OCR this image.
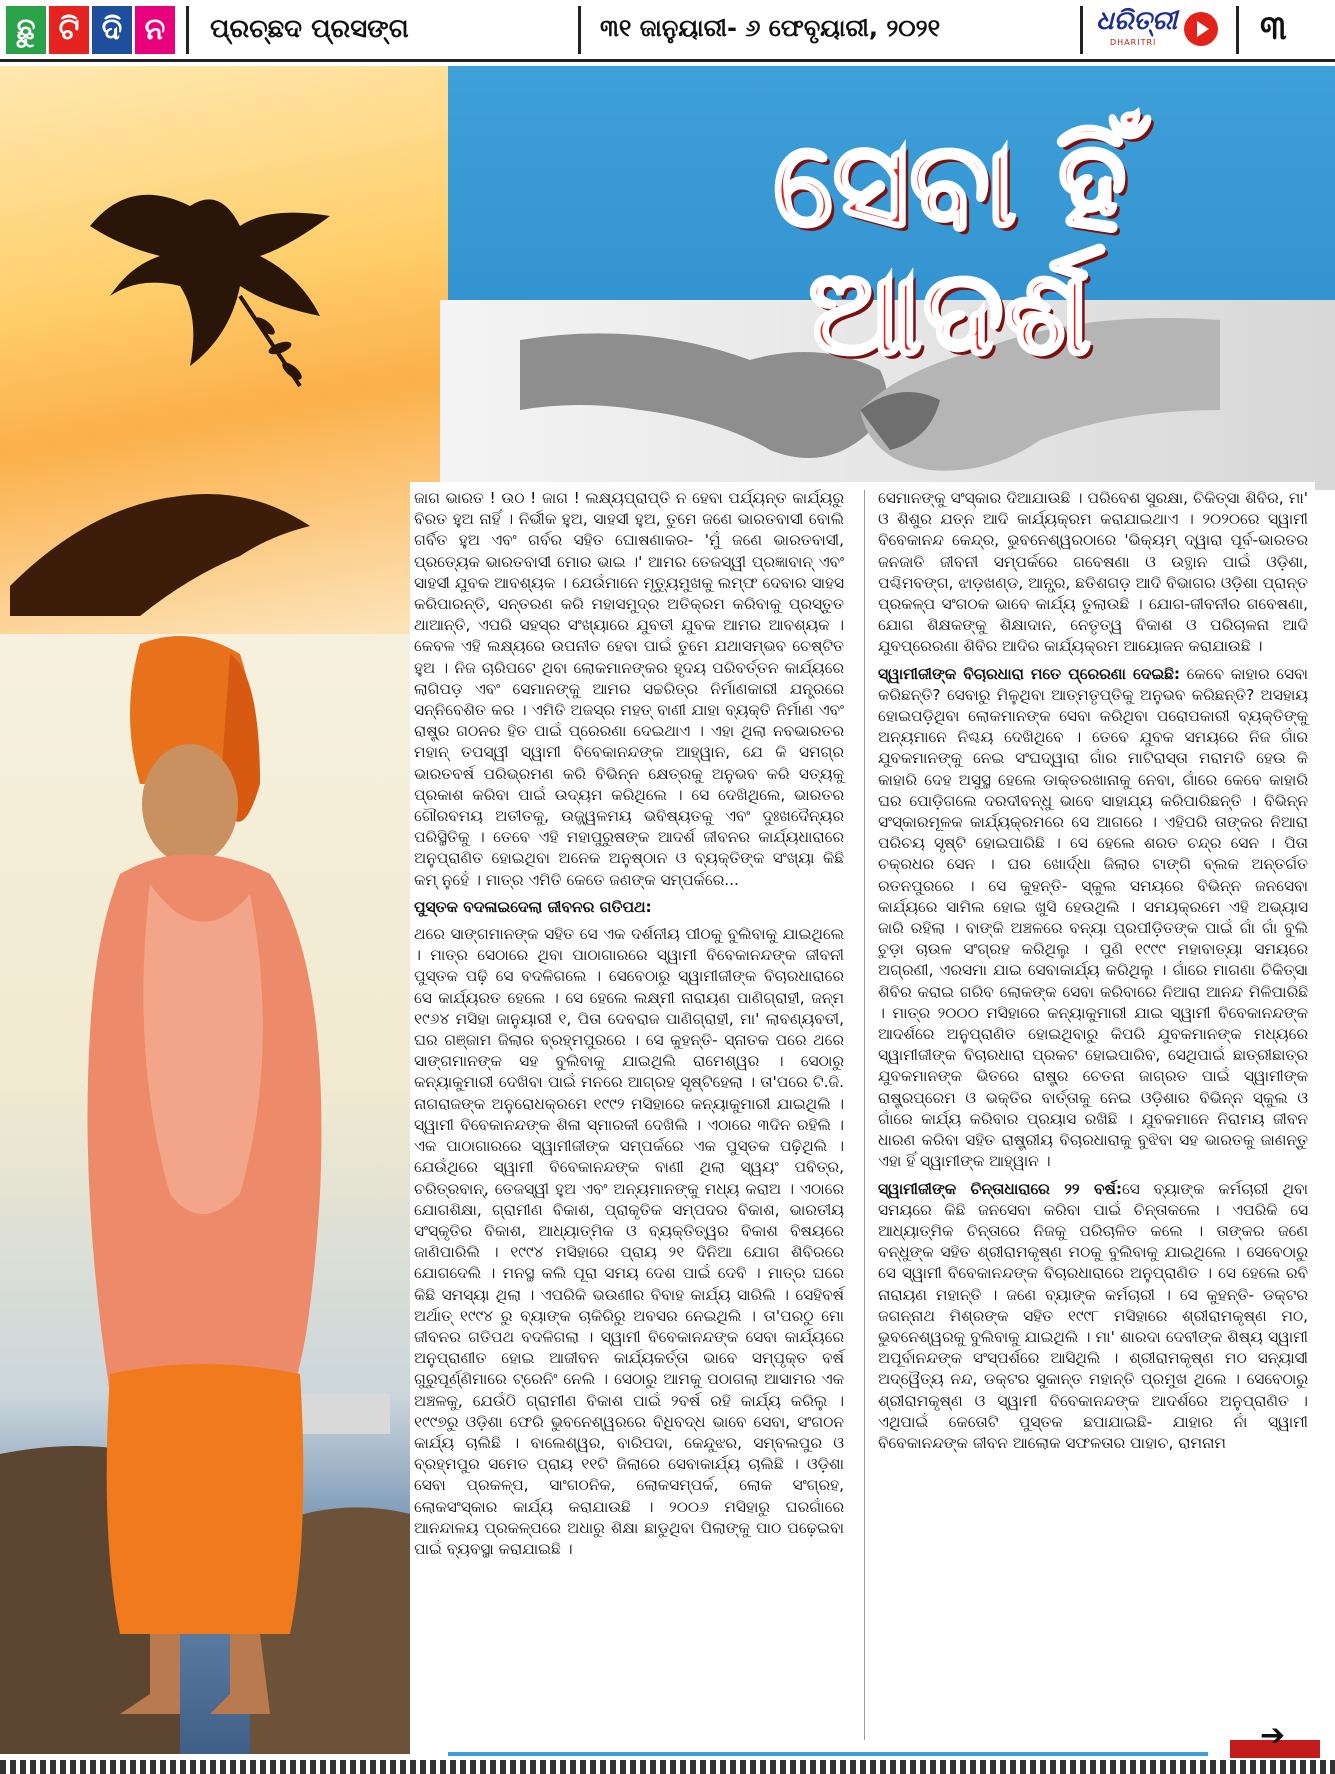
ଛୁ ଟି ଦି ନ	ପ୍ରଚ୍ଛଦ ପ୍ରସଙ୍ଗ	୩୧ ଜାନୁୟାରୀ- ୬ ଫେବୃୟାରୀ, ୨୦୨୧	ଧରିତ୍ରୀ
DHARITRI	୩
ସେବା ହିଁ
ଆଦର୍ଶ

ଜାଗ ଭାରତ ! ଉଠ ! ଜାଗ ! ଲକ୍ଷ୍ୟପ୍ରାପ୍ତି ନ ହେବା ପର୍ଯ୍ୟନ୍ତ କାର୍ଯ୍ୟରୁ ବିରତ ହୁଅ ନାହିଁ । ନିର୍ଭୀକ ହୁଅ, ସାହସୀ ହୁଅ, ତୁମେ ଜଣେ ଭାରତବାସୀ ବୋଲି ଗର୍ବିତ ହୁଅ ଏବଂ ଗର୍ବର ସହିତ ଘୋଷଣାକର- 'ମୁଁ ଜଣେ ଭାରତବାସୀ, ପ୍ରତ୍ୟେକ ଭାରତବାସୀ ମୋର ଭାଇ ।' ଆମର ତେଜସ୍ୱୀ ପ୍ରଜ୍ଞାବାନ୍ ଏବଂ ସାହସୀ ଯୁବକ ଆବଶ୍ୟକ । ଯେଉଁମାନେ ମୃତ୍ୟୁମୁଖକୁ ଲମ୍ଫ ଦେବାର ସାହସ କରିପାରନ୍ତି, ସନ୍ତରଣ କରି ମହାସମୁଦ୍ର ଅତିକ୍ରମ କରିବାକୁ ପ୍ରସ୍ତୁତ ଥାଆନ୍ତି, ଏପରି ସହସ୍ର ସଂଖ୍ୟାରେ ଯୁବତୀ ଯୁବକ ଆମର ଆବଶ୍ୟକ । କେବଳ ଏହି ଲକ୍ଷ୍ୟରେ ଉପନୀତ ହେବା ପାଇଁ ତୁମେ ଯଥାସମ୍ଭବ ଚେଷ୍ଟିତ ହୁଅ । ନିଜ ଚାରିପଟେ ଥିବା ଲୋକମାନଙ୍କର ହୃଦୟ ପରିବର୍ତ୍ତନ କାର୍ଯ୍ୟରେ ଲାଗିପଡ଼ ଏବଂ ସେମାନଙ୍କୁ ଆମର ସଚ୍ଚରିତ୍ର ନିର୍ମାଣକାରୀ ଯନ୍ତ୍ରରେ ସନ୍ନିବେଶିତ କର । ଏମିତି ଅଜସ୍ର ମହତ୍ ବାଣୀ ଯାହା ବ୍ୟକ୍ତି ନିର୍ମାଣ ଏବଂ ରାଷ୍ଟ୍ର ଗଠନର ହିତ ପାଇଁ ପ୍ରେରଣା ଦେଇଥାଏ । ଏହା ଥିଲା ନବଭାରତର ମହାନ୍ ତପସ୍ୱୀ ସ୍ୱାମୀ ବିବେକାନନ୍ଦଙ୍କ ଆହ୍ୱାନ, ଯେ କି ସମଗ୍ର ଭାରତବର୍ଷ ପରିଭ୍ରମଣ କରି ବିଭିନ୍ନ କ୍ଷେତ୍ରକୁ ଅନୁଭବ କରି ସତ୍ୟକୁ ପ୍ରକାଶ କରିବା ପାଇଁ ଉଦ୍ୟମ କରିଥିଲେ । ସେ ଦେଖିଥିଲେ, ଭାରତର ଗୌରବମୟ ଅତୀତକୁ, ଉଜ୍ଜ୍ୱଳମୟ ଭବିଷ୍ୟତକୁ ଏବଂ ଦୁଃଖଦୈନ୍ୟର ପରିସ୍ଥିତିକୁ । ତେବେ ଏହି ମହାପୁରୁଷଙ୍କ ଆଦର୍ଶ ଜୀବନର କାର୍ଯ୍ୟଧାରାରେ ଅନୁପ୍ରାଣିତ ହୋଇଥିବା ଅନେକ ଅନୁଷ୍ଠାନ ଓ ବ୍ୟକ୍ତିଙ୍କ ସଂଖ୍ୟା କିଛି କମ୍ ନୁହେଁ । ମାତ୍ର ଏମିତି କେତେ ଜଣଙ୍କ ସମ୍ପର୍କରେ...

ପୁସ୍ତକ ବଦଳାଇଦେଲା ଜୀବନର ଗତିପଥ:

ଥରେ ସାଙ୍ଗମାନଙ୍କ ସହିତ ସେ ଏକ ଦର୍ଶନୀୟ ପୀଠକୁ ବୁଲିବାକୁ ଯାଇଥିଲେ । ମାତ୍ର ସେଠାରେ ଥିବା ପାଠାଗାରରେ ସ୍ୱାମୀ ବିବେକାନନ୍ଦଙ୍କ ଜୀବନୀ ପୁସ୍ତକ ପଢ଼ି ସେ ବଦଳିଗଲେ । ସେବେଠାରୁ ସ୍ୱାମୀଜୀଙ୍କ ବିଚାରଧାରାରେ ସେ କାର୍ଯ୍ୟରତ ହେଲେ । ସେ ହେଲେ ଲକ୍ଷ୍ମୀ ନାରାୟଣ ପାଣିଗ୍ରାହୀ, ଜନ୍ମ ୧୯୬୪ ମସିହା ଜାନୁୟାରୀ ୧, ପିତା ଦେବରାଜ ପାଣିଗ୍ରାହୀ, ମା' ଲାବଣ୍ୟବତୀ, ଘର ଗଞ୍ଜାମ ଜିଲାର ବ୍ରହ୍ମପୁରରେ । ସେ କୁହନ୍ତି- ସ୍ନାତକ ପରେ ଥରେ ସାଙ୍ଗମାନଙ୍କ ସହ ବୁଲିବାକୁ ଯାଇଥିଲି ରାମେଶ୍ୱର । ସେଠାରୁ କନ୍ୟାକୁମାରୀ ଦେଖିବା ପାଇଁ ମନରେ ଆଗ୍ରହ ସୃଷ୍ଟିହେଲା । ତା'ପରେ ଟି.ଜି. ନାଗରାଜଙ୍କ ଅନୁରୋଧକ୍ରମେ ୧୯୯୨ ମସିହାରେ କନ୍ୟାକୁମାରୀ ଯାଇଥିଲି । ସ୍ୱାମୀ ବିବେକାନନ୍ଦଙ୍କ ଶିଳା ସ୍ମାରକୀ ଦେଖିଲି । ଏଠାରେ ୩ଦିନ ରହିଲି । ଏକ ପାଠାଗାରରେ ସ୍ୱାମୀଜୀଙ୍କ ସମ୍ପର୍କରେ ଏକ ପୁସ୍ତକ ପଢ଼ିଥିଲି । ଯେଉଁଥିରେ ସ୍ୱାମୀ ବିବେକାନନ୍ଦଙ୍କ ବାଣୀ ଥିଲା ସ୍ୱୟଂ ପବିତ୍ର, ଚରିତ୍ରବାନ୍, ତେଜସ୍ୱୀ ହୁଅ ଏବଂ ଅନ୍ୟମାନଙ୍କୁ ମଧ୍ୟ କରାଅ । ଏଠାରେ ଯୋଗଶିକ୍ଷା, ଗ୍ରାମୀଣ ବିକାଶ, ପ୍ରାକୃତିକ ସମ୍ପଦର ବିକାଶ, ଭାରତୀୟ ସଂସ୍କୃତିର ବିକାଶ, ଆଧ୍ୟାତ୍ମିକ ଓ ବ୍ୟକ୍ତିତ୍ୱର ବିକାଶ ବିଷୟରେ ଜାଣିପାରିଲି । ୧୯୯୪ ମସିହାରେ ପ୍ରାୟ ୨୧ ଦିନିଆ ଯୋଗ ଶିବିରରେ ଯୋଗଦେଲି । ମନସ୍ଥ କଲି ପୂରା ସମୟ ଦେଶ ପାଇଁ ଦେବି । ମାତ୍ର ଘରେ କିଛି ସମସ୍ୟା ଥିଲା । ଏପରିକି ଭଉଣୀର ବିବାହ କାର୍ଯ୍ୟ ସାରିଲି । ସେହିବର୍ଷ ଅର୍ଥାତ୍ ୧୯୯୪ ରୁ ବ୍ୟାଙ୍କ ଚାକିରିରୁ ଅବସର ନେଇଥିଲି । ତା'ପରଠୁ ମୋ ଜୀବନର ଗତିପଥ ବଦଳିଗଲା । ସ୍ୱାମୀ ବିବେକାନନ୍ଦଙ୍କ ସେବା କାର୍ଯ୍ୟରେ ଅନୁପ୍ରାଣୀତ ହୋଇ ଆଜୀବନ କାର୍ଯ୍ୟକର୍ତ୍ତା ଭାବେ ସମ୍ପୃକ୍ତ ବର୍ଷ ଗୁରୁପୂର୍ଣ୍ଣିମାରେ ଟ୍ରେନିଂ ନେଲି । ସେଠାରୁ ଆମକୁ ପଠାଗଲା ଆସାମର ଏକ ଅଞ୍ଚଳକୁ, ଯେଉଁଠି ଗ୍ରାମୀଣ ବିକାଶ ପାଇଁ ୨ବର୍ଷ ରହି କାର୍ଯ୍ୟ କରିଲୁ । ୧୯୯୭ରୁ ଓଡ଼ିଶା ଫେରି ଭୁବନେଶ୍ୱରରେ ବିଧିବଦ୍ଧ ଭାବେ ସେବା, ସଂଗଠନ କାର୍ଯ୍ୟ ଚାଲିଛି । ବାଲେଶ୍ୱର, ବାରିପଦା, କେନ୍ଦୁଝର, ସମ୍ବଲପୁର ଓ ବ୍ରହ୍ମପୁର ସମେତ ପ୍ରାୟ ୧୧ଟି ଜିଲାରେ ସେବାକାର୍ଯ୍ୟ ଚାଲିଛି । ଓଡ଼ିଶା ସେବା ପ୍ରକଳ୍ପ, ସାଂଗଠନିକ, ଲୋକସମ୍ପର୍କ, ଲୋକ ସଂଗ୍ରହ, ଲୋକସଂସ୍କାର କାର୍ଯ୍ୟ କରାଯାଉଛି । ୨୦୦୬ ମସିହାରୁ ଘରଗାଁରେ ଆନନ୍ଦାଳୟ ପ୍ରକଳ୍ପରେ ଅଧାରୁ ଶିକ୍ଷା ଛାଡୁଥିବା ପିଲାଙ୍କୁ ପାଠ ପଢ଼େଇବା ପାଇଁ ବ୍ୟବସ୍ଥା କରାଯାଇଛି ।

ସେମାନଙ୍କୁ ସଂସ୍କାର ଦିଆଯାଉଛି । ପରିବେଶ ସୁରକ୍ଷା, ଚିକିତ୍ସା ଶିବିର, ମା' ଓ ଶିଶୁର ଯତ୍ନ ଆଦି କାର୍ଯ୍ୟକ୍ରମ କରାଯାଇଥାଏ । ୨୦୨୦ରେ ସ୍ୱାମୀ ବିବେକାନନ୍ଦ କେନ୍ଦ୍ର, ଭୁବନେଶ୍ୱରଠାରେ 'ଭିକ୍ୟମ୍ ଦ୍ୱାରା ପୂର୍ବ-ଭାରତର ଜନଜାତି ଜୀବନୀ ସମ୍ପର୍କରେ ଗବେଷଣା ଓ ଉତ୍ଥାନ ପାଇଁ ଓଡ଼ିଶା, ପଶ୍ଚିମବଙ୍ଗ, ଝାଡ଼ଖଣ୍ଡ, ଆନ୍ଧ୍ର, ଛତିଶଗଡ଼ ଆଦି ବିଭାଗର ଓଡ଼ିଶା ପ୍ରାନ୍ତ ପ୍ରକଳ୍ପ ସଂଗଠକ ଭାବେ କାର୍ଯ୍ୟ ତୁଲାଉଛି । ଯୋଗ-ଜୀବନୀର ଗବେଷଣା, ଯୋଗ ଶିକ୍ଷକଙ୍କୁ ଶିକ୍ଷାଦାନ, ନେତୃତ୍ୱ ବିକାଶ ଓ ପରିଚାଳନା ଆଦି ଯୁବପ୍ରେରଣା ଶିବିର ଆଦିର କାର୍ଯ୍ୟକ୍ରମ ଆୟୋଜନ କରାଯାଉଛି ।

ସ୍ୱାମୀଜୀଙ୍କ ବିଚାରଧାରା ମତେ ପ୍ରେରଣା ଦେଇଛି: କେବେ କାହାର ସେବା କରିଛନ୍ତି? ସେବାରୁ ମିଳୁଥିବା ଆତ୍ମତୃପ୍ତିକୁ ଅନୁଭବ କରିଛନ୍ତି? ଅସହାୟ ହୋଇପଡ଼ିଥିବା ଲୋକମାନଙ୍କ ସେବା କରିଥିବା ପରୋପକାରୀ ବ୍ୟକ୍ତିଙ୍କୁ ଅନ୍ୟମାନେ ନିଶ୍ଚୟ ଦେଖିଥିବେ । ତେବେ ଯୁବକ ସମୟରେ ନିଜ ଗାଁର ଯୁବକମାନଙ୍କୁ ନେଇ ସଂଘଦ୍ୱାରା ଗାଁର ମାଟିରାସ୍ତା ମରାମତି ହେଉ କି କାହାରି ଦେହ ଅସୁସ୍ଥ ହେଲେ ଡାକ୍ତରଖାନାକୁ ନେବା, ଗାଁରେ କେବେ କାହାରି ଘର ପୋଡ଼ିଗଲେ ଦରଦୀବନ୍ଧୁ ଭାବେ ସାହାଯ୍ୟ କରିପାରିଛନ୍ତି । ବିଭିନ୍ନ ସଂସ୍କାରମୂଳକ କାର୍ଯ୍ୟକ୍ରମରେ ସେ ଆଗରେ । ଏହିପରି ତାଙ୍କର ନିଆରା ପରିଚୟ ସୃଷ୍ଟି ହୋଇପାରିଛି । ସେ ହେଲେ ଶରତ ଚନ୍ଦ୍ର ସେନ । ପିତା ଚକ୍ରଧର ସେନ । ଘର ଖୋର୍ଦ୍ଧା ଜିଲାର ଟାଙ୍ଗି ବ୍ଲକ ଅନ୍ତର୍ଗତ ରତନପୁରରେ । ସେ କୁହନ୍ତି- ସ୍କୁଲ ସମୟରେ ବିଭିନ୍ନ ଜନସେବା କାର୍ଯ୍ୟରେ ସାମିଲ ହୋଇ ଖୁସି ହେଉଥିଲି । ସମୟକ୍ରମେ ଏହି ଅଭ୍ୟାସ ଜାରି ରହିଲା । ବାଙ୍କି ଅଞ୍ଚଳରେ ବନ୍ୟା ପ୍ରପୀଡ଼ିତଙ୍କ ପାଇଁ ଗାଁ ଗାଁ ବୁଲି ଚୁଡ଼ା ଚାଉଳ ସଂଗ୍ରହ କରିଥିଲୁ । ପୁଣି ୧୯୯୯ ମହାବାତ୍ୟା ସମୟରେ ଅଗ୍ରଣୀ, ଏରସମା ଯାଇ ସେବାକାର୍ଯ୍ୟ କରିଥିଲୁ । ଗାଁରେ ମାଗଣା ଚିକିତ୍ସା ଶିବିର କରାଇ ଗରିବ ଲୋକଙ୍କ ସେବା କରିବାରେ ନିଆରା ଆନନ୍ଦ ମିଳିପାରିଛି । ମାତ୍ର ୨୦୦୦ ମସିହାରେ କନ୍ୟାକୁମାରୀ ଯାଇ ସ୍ୱାମୀ ବିବେକାନନ୍ଦଙ୍କ ଆଦର୍ଶରେ ଅନୁପ୍ରାଣିତ ହୋଇଥିବାରୁ କିପରି ଯୁବକମାନଙ୍କ ମଧ୍ୟରେ ସ୍ୱାମୀଜୀଙ୍କ ବିଚାରଧାରା ପ୍ରକଟ ହୋଇପାରିବ, ସେଥିପାଇଁ ଛାତ୍ରୀଛାତ୍ର ଯୁବକମାନଙ୍କ ଭିତରେ ରାଷ୍ଟ୍ର ଚେତନା ଜାଗ୍ରତ ପାଇଁ ସ୍ୱାମୀଙ୍କ ରାଷ୍ଟ୍ରପ୍ରେମ ଓ ଭକ୍ତିର ବାର୍ତ୍ତାକୁ ନେଇ ଓଡ଼ିଶାର ବିଭିନ୍ନ ସ୍କୁଲ ଓ ଗାଁରେ କାର୍ଯ୍ୟ କରିବାର ପ୍ରୟାସ ରଖିଛି । ଯୁବକମାନେ ନିରାମୟ ଜୀବନ ଧାରଣ କରିବା ସହିତ ରାଷ୍ଟ୍ରୀୟ ବିଚାରଧାରାକୁ ବୁଝିବା ସହ ଭାରତକୁ ଜାଣନ୍ତୁ ଏହା ହିଁ ସ୍ୱାମୀଙ୍କ ଆହ୍ୱାନ ।

ସ୍ୱାମୀଜୀଙ୍କ ଚିନ୍ତାଧାରାରେ ୨୨ ବର୍ଷ:ସେ ବ୍ୟାଙ୍କ କର୍ମଚାରୀ ଥିବା ସମୟରେ କିଛି ଜନସେବା କରିବା ପାଇଁ ଚିନ୍ତାକଲେ । ଏପରିକି ସେ ଆଧ୍ୟାତ୍ମିକ ଚିନ୍ତାରେ ନିଜକୁ ପରିଚାଳିତ କଲେ । ତାଙ୍କର ଜଣେ ବନ୍ଧୁଙ୍କ ସହିତ ଶ୍ରୀରାମକୃଷ୍ଣ ମଠକୁ ବୁଲିବାକୁ ଯାଇଥିଲେ । ସେବେଠାରୁ ସେ ସ୍ୱାମୀ ବିବେକାନନ୍ଦଙ୍କ ବିଚାରଧାରାରେ ଅନୁପ୍ରାଣିତ । ସେ ହେଲେ ରବି ନାରାୟଣ ମହାନ୍ତି । ଜଣେ ବ୍ୟାଙ୍କ କର୍ମଚାରୀ । ସେ କୁହନ୍ତି- ଡକ୍ଟର ଜଗନ୍ନାଥ ମିଶ୍ରଙ୍କ ସହିତ ୧୯୯୮ ମସିହାରେ ଶ୍ରୀରାମକୃଷ୍ଣ ମଠ, ଭୁବନେଶ୍ୱରକୁ ବୁଲିବାକୁ ଯାଇଥିଲି । ମା' ଶାରଦା ଦେବୀଙ୍କ ଶିଷ୍ୟ ସ୍ୱାମୀ ଅପୂର୍ବାନନ୍ଦଙ୍କ ସଂସ୍ପର୍ଶରେ ଆସିଥିଲି । ଶ୍ରୀରାମକୃଷ୍ଣ ମଠ ସନ୍ୟାସୀ ଅଦ୍ୱୈତ୍ୟ ନନ୍ଦ, ଡକ୍ଟର ସୁକାନ୍ତ ମହାନ୍ତି ପ୍ରମୁଖ ଥିଲେ । ସେବେଠାରୁ ଶ୍ରୀରାମକୃଷ୍ଣ ଓ ସ୍ୱାମୀ ବିବେକାନନ୍ଦଙ୍କ ଆଦର୍ଶରେ ଅନୁପ୍ରାଣିତ । ଏଥିପାଇଁ କେତୋଟି ପୁସ୍ତକ ଛପାଯାଇଛି- ଯାହାର ନାଁ ସ୍ୱାମୀ ବିବେକାନନ୍ଦଙ୍କ ଜୀବନ ଆଲୋକ ସଫଳତାର ପାହାଚ, ରାମନାମ

➔
